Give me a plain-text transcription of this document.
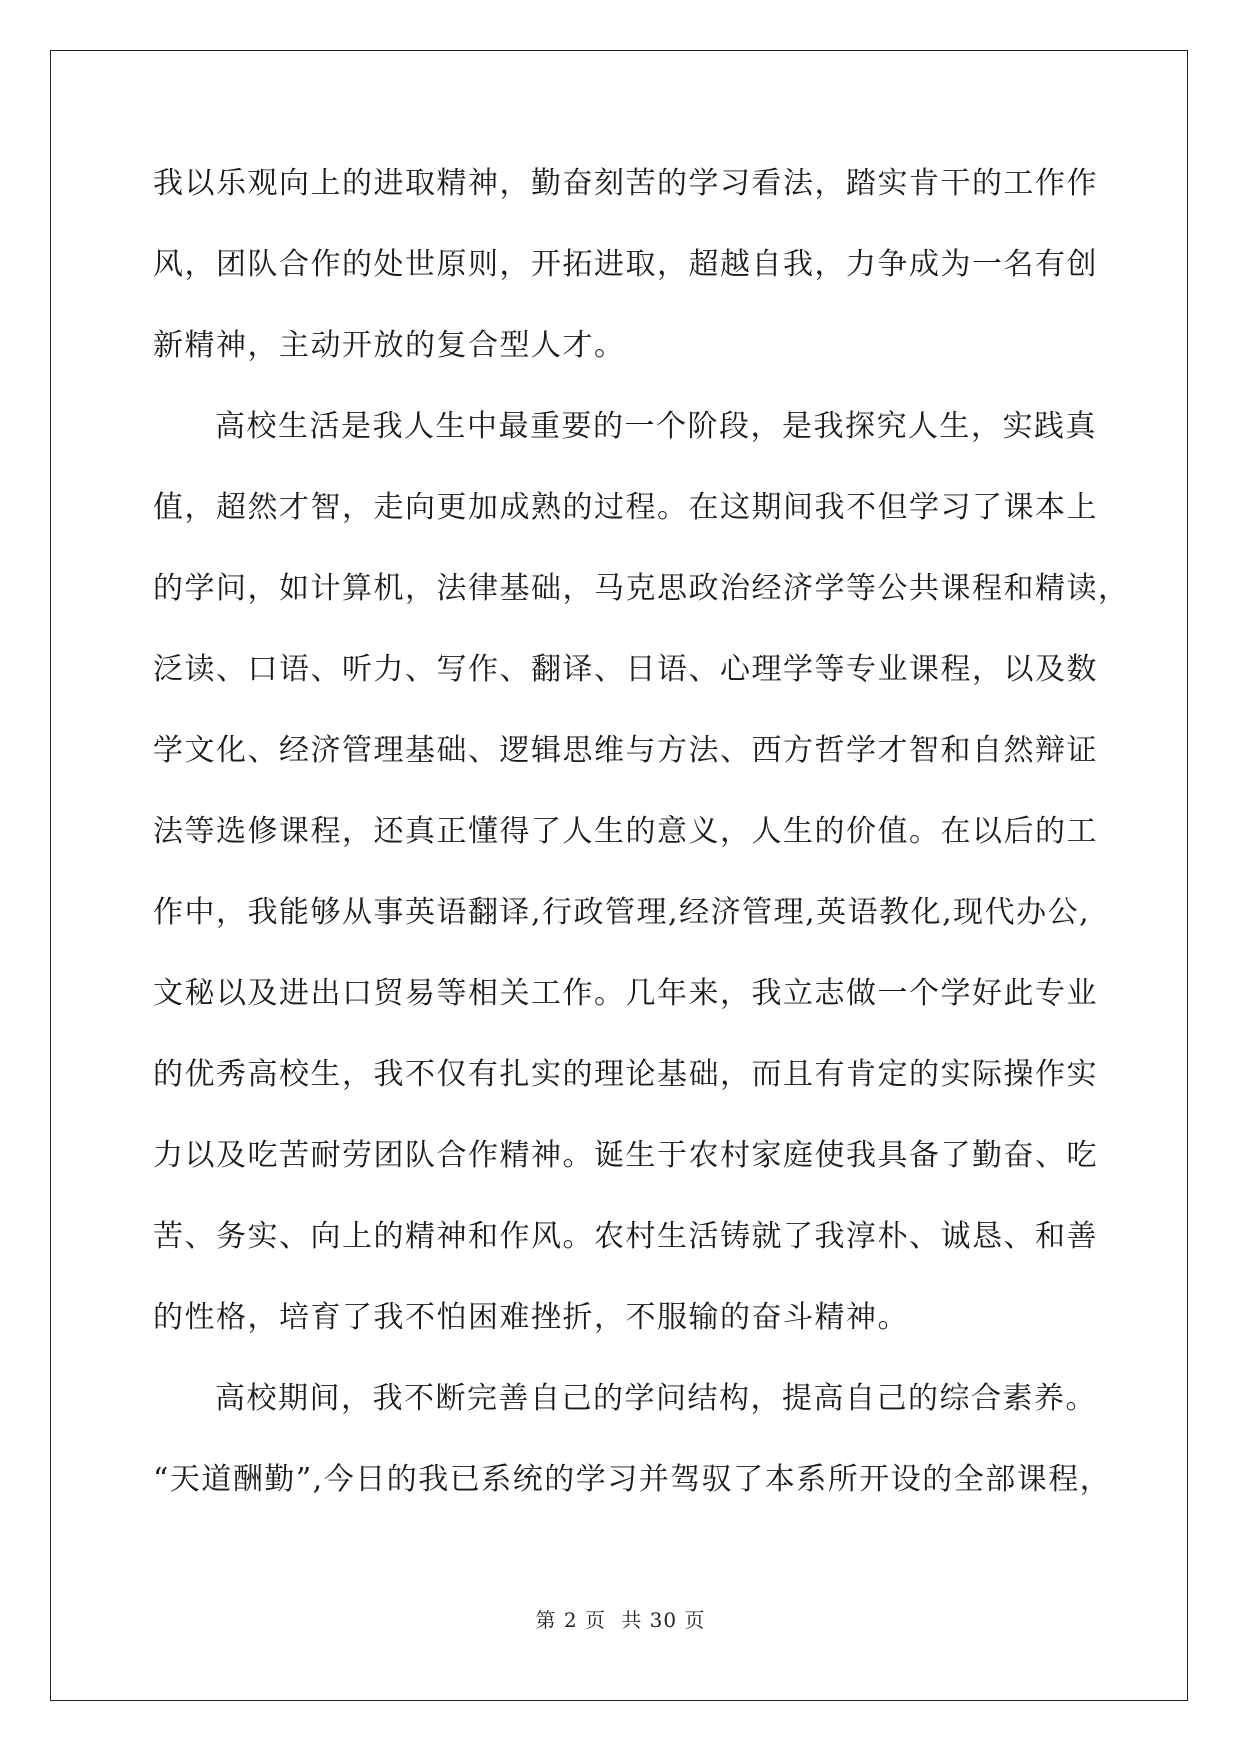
我以乐观向上的进取精神，勤奋刻苦的学习看法，踏实肯干的工作作
风，团队合作的处世原则，开拓进取，超越自我，力争成为一名有创
新精神，主动开放的复合型人才。
高校生活是我人生中最重要的一个阶段，是我探究人生，实践真
值，超然才智，走向更加成熟的过程。在这期间我不但学习了课本上
的学问，如计算机，法律基础，马克思政治经济学等公共课程和精读，
泛读、口语、听力、写作、翻译、日语、心理学等专业课程，以及数
学文化、经济管理基础、逻辑思维与方法、西方哲学才智和自然辩证
法等选修课程，还真正懂得了人生的意义，人生的价值。在以后的工
作中，我能够从事英语翻译,行政管理,经济管理,英语教化,现代办公,
文秘以及进出口贸易等相关工作。几年来，我立志做一个学好此专业
的优秀高校生，我不仅有扎实的理论基础，而且有肯定的实际操作实
力以及吃苦耐劳团队合作精神。诞生于农村家庭使我具备了勤奋、吃
苦、务实、向上的精神和作风。农村生活铸就了我淳朴、诚恳、和善
的性格，培育了我不怕困难挫折，不服输的奋斗精神。
高校期间，我不断完善自己的学问结构，提高自己的综合素养。
“天道酬勤”,今日的我已系统的学习并驾驭了本系所开设的全部课程，
第 2 页 共 30 页
